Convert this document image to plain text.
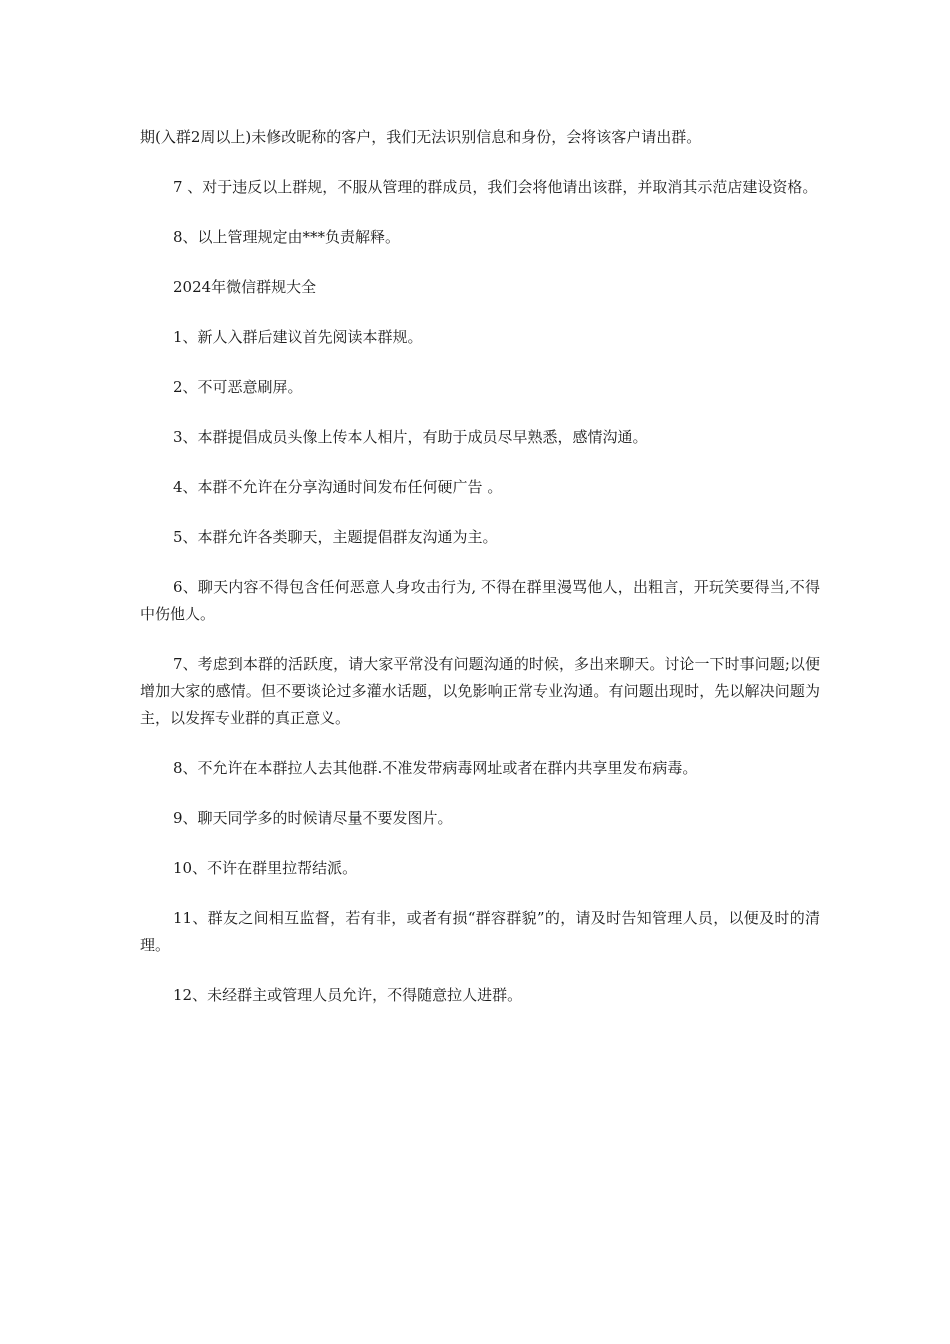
期(入群2周以上)未修改昵称的客户，我们无法识别信息和身份，会将该客户请出群。

7 、对于违反以上群规，不服从管理的群成员，我们会将他请出该群，并取消其示范店建设资格。

8、以上管理规定由***负责解释。

2024年微信群规大全

1、新人入群后建议首先阅读本群规。

2、不可恶意刷屏。

3、本群提倡成员头像上传本人相片，有助于成员尽早熟悉，感情沟通。

4、本群不允许在分享沟通时间发布任何硬广告 。

5、本群允许各类聊天，主题提倡群友沟通为主。

6、聊天内容不得包含任何恶意人身攻击行为, 不得在群里漫骂他人，出粗言，开玩笑要得当,不得中伤他人。

7、考虑到本群的活跃度，请大家平常没有问题沟通的时候，多出来聊天。讨论一下时事问题;以便增加大家的感情。但不要谈论过多灌水话题，以免影响正常专业沟通。有问题出现时，先以解决问题为主，以发挥专业群的真正意义。

8、不允许在本群拉人去其他群.不准发带病毒网址或者在群内共享里发布病毒。

9、聊天同学多的时候请尽量不要发图片。

10、不许在群里拉帮结派。

11、群友之间相互监督，若有非，或者有损“群容群貌”的，请及时告知管理人员，以便及时的清理。

12、未经群主或管理人员允许，不得随意拉人进群。
